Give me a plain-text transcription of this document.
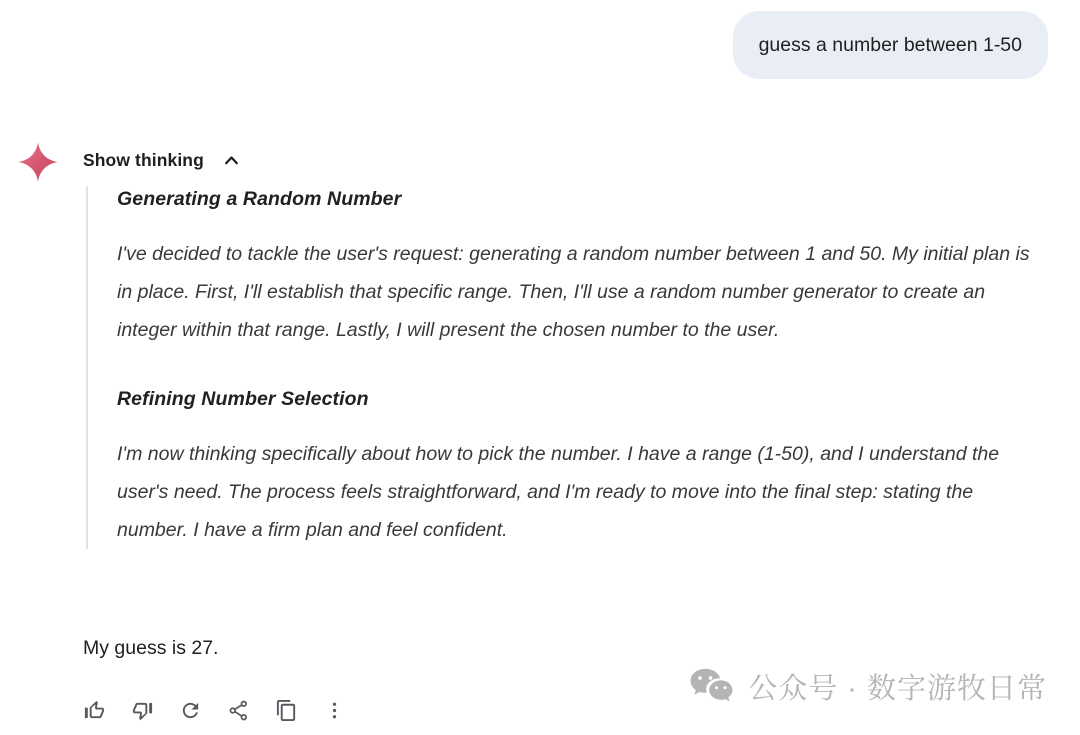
guess a number between 1-50
Show thinking
Generating a Random Number

I've decided to tackle the user's request: generating a random number between 1 and 50. My initial plan is in place. First, I'll establish that specific range. Then, I'll use a random number generator to create an integer within that range. Lastly, I will present the chosen number to the user.

Refining Number Selection

I'm now thinking specifically about how to pick the number. I have a range (1-50), and I understand the user's need. The process feels straightforward, and I'm ready to move into the final step: stating the number. I have a firm plan and feel confident.

My guess is 27.
公众号 · 数字游牧日常
